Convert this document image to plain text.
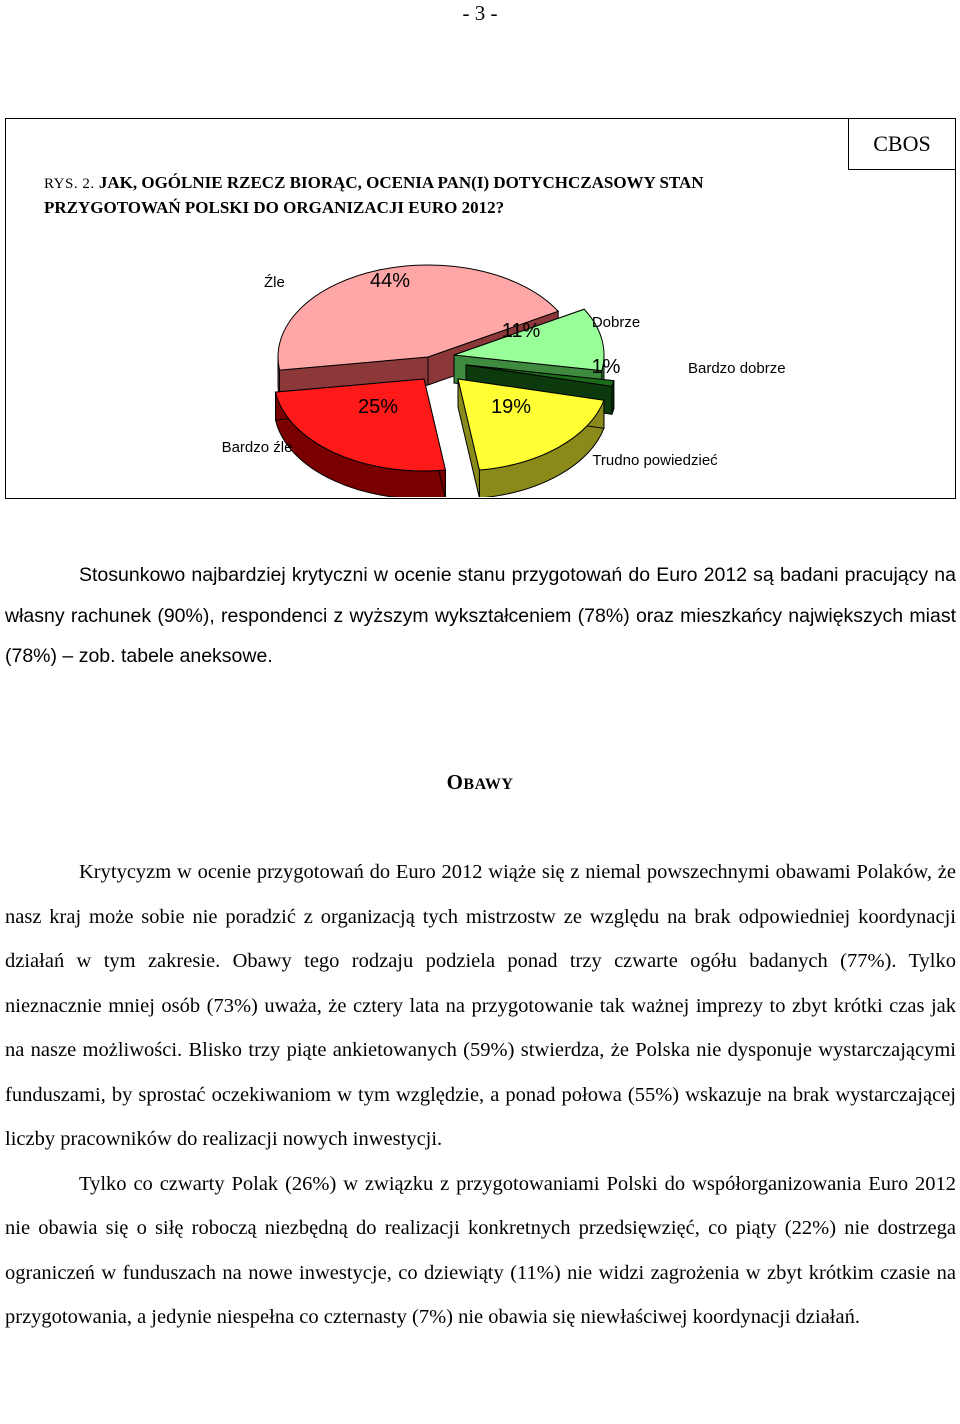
- 3 -
CBOS
RYS. 2. JAK, OGÓLNIE RZECZ BIORĄC, OCENIA PAN(I) DOTYCHCZASOWY STAN
PRZYGOTOWAŃ POLSKI DO ORGANIZACJI EURO 2012?
44%
Źle
11%	Dobrze
1%	Bardzo dobrze
19%
Trudno powiedzieć
25%
Bardzo źle

Stosunkowo najbardziej krytyczni w ocenie stanu przygotowań do Euro 2012 są badani pracujący na własny rachunek (90%), respondenci z wyższym wykształceniem (78%) oraz mieszkańcy największych miast (78%) – zob. tabele aneksowe.

OBAWY

Krytycyzm w ocenie przygotowań do Euro 2012 wiąże się z niemal powszechnymi obawami Polaków, że nasz kraj może sobie nie poradzić z organizacją tych mistrzostw ze względu na brak odpowiedniej koordynacji działań w tym zakresie. Obawy tego rodzaju podziela ponad trzy czwarte ogółu badanych (77%). Tylko nieznacznie mniej osób (73%) uważa, że cztery lata na przygotowanie tak ważnej imprezy to zbyt krótki czas jak na nasze możliwości. Blisko trzy piąte ankietowanych (59%) stwierdza, że Polska nie dysponuje wystarczającymi funduszami, by sprostać oczekiwaniom w tym względzie, a ponad połowa (55%) wskazuje na brak wystarczającej liczby pracowników do realizacji nowych inwestycji.

Tylko co czwarty Polak (26%) w związku z przygotowaniami Polski do współorganizowania Euro 2012 nie obawia się o siłę roboczą niezbędną do realizacji konkretnych przedsięwzięć, co piąty (22%) nie dostrzega ograniczeń w funduszach na nowe inwestycje, co dziewiąty (11%) nie widzi zagrożenia w zbyt krótkim czasie na przygotowania, a jedynie niespełna co czternasty (7%) nie obawia się niewłaściwej koordynacji działań.
